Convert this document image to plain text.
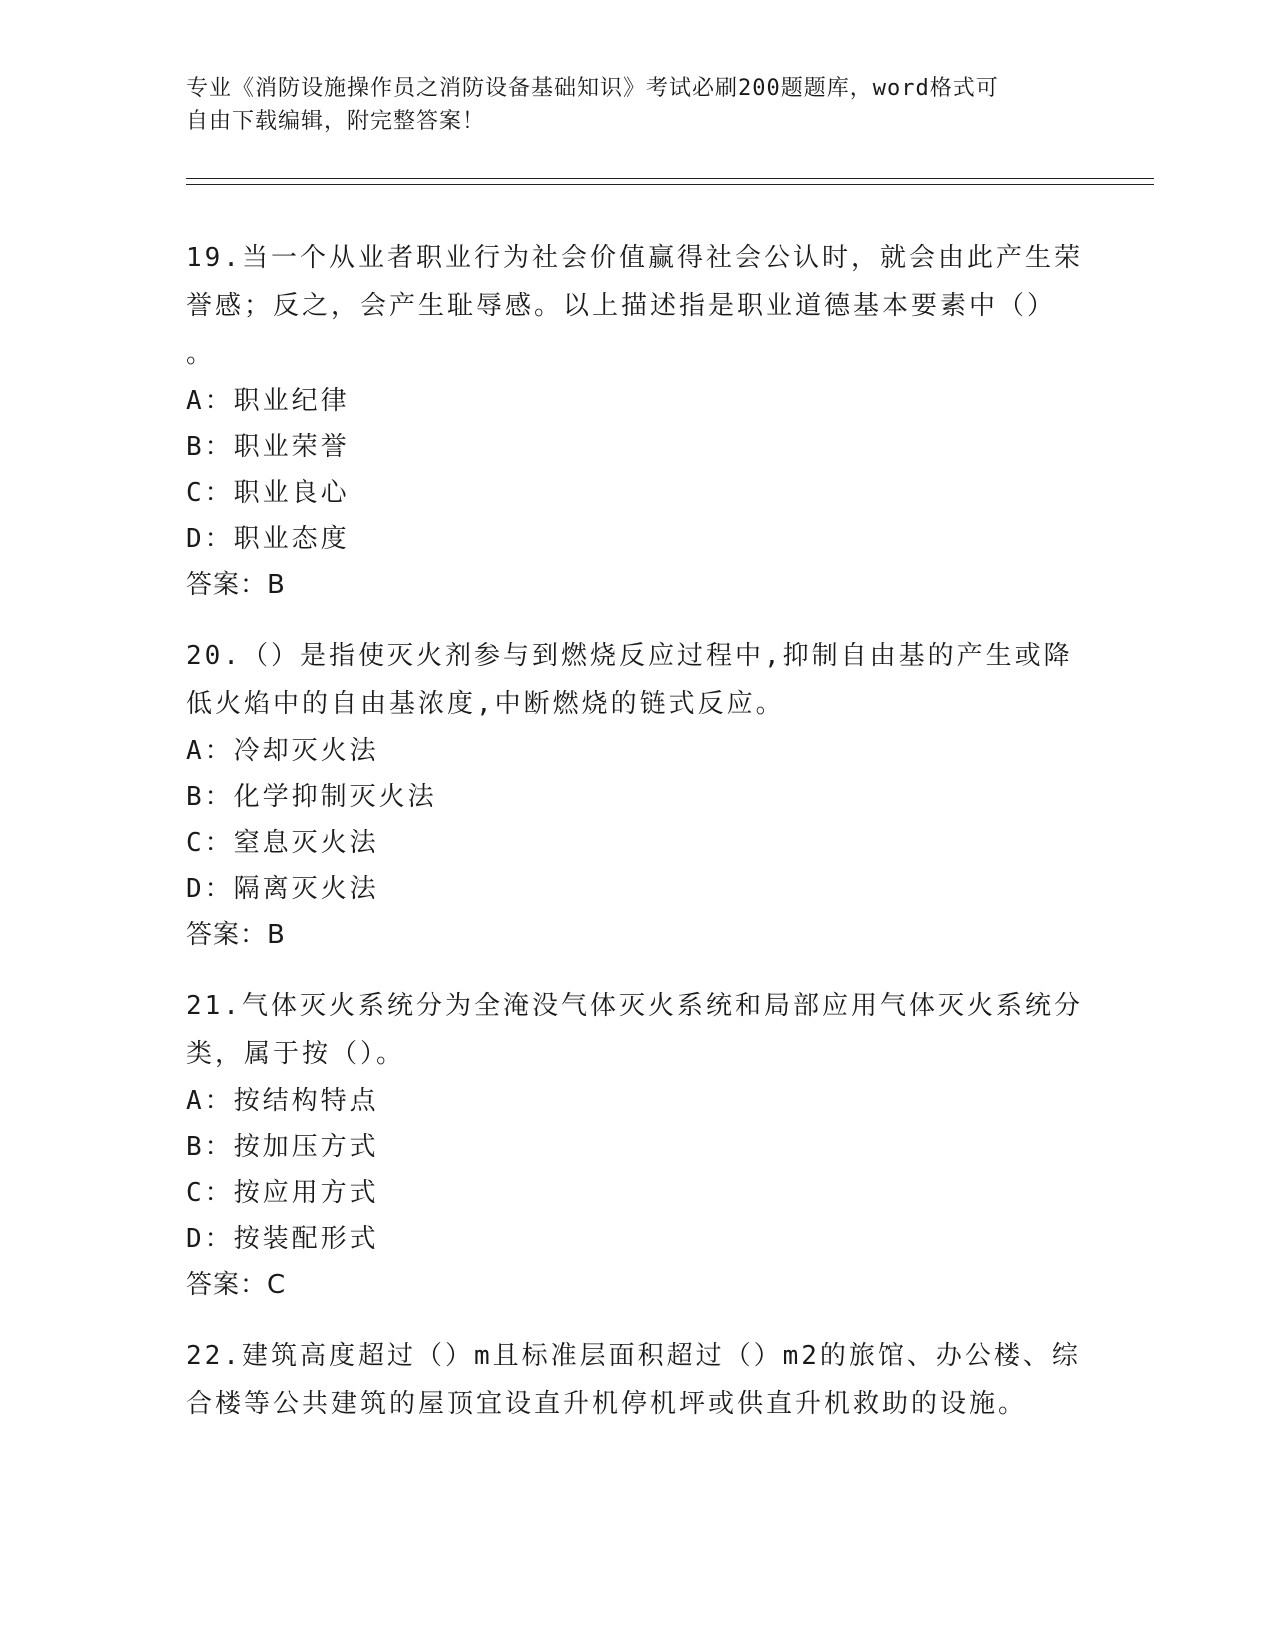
专业《消防设施操作员之消防设备基础知识》考试必刷200题题库，word格式可
自由下载编辑，附完整答案！

19.当一个从业者职业行为社会价值赢得社会公认时，就会由此产生荣誉感；反之，会产生耻辱感。以上描述指是职业道德基本要素中（）

。

A：职业纪律

B：职业荣誉

C：职业良心

D：职业态度

答案：B

20.（）是指使灭火剂参与到燃烧反应过程中,抑制自由基的产生或降低火焰中的自由基浓度,中断燃烧的链式反应。

A：冷却灭火法

B：化学抑制灭火法

C：窒息灭火法

D：隔离灭火法

答案：B

21.气体灭火系统分为全淹没气体灭火系统和局部应用气体灭火系统分类，属于按（）。

A：按结构特点

B：按加压方式

C：按应用方式

D：按装配形式

答案：C

22.建筑高度超过（）m且标准层面积超过（）m2的旅馆、办公楼、综合楼等公共建筑的屋顶宜设直升机停机坪或供直升机救助的设施。
